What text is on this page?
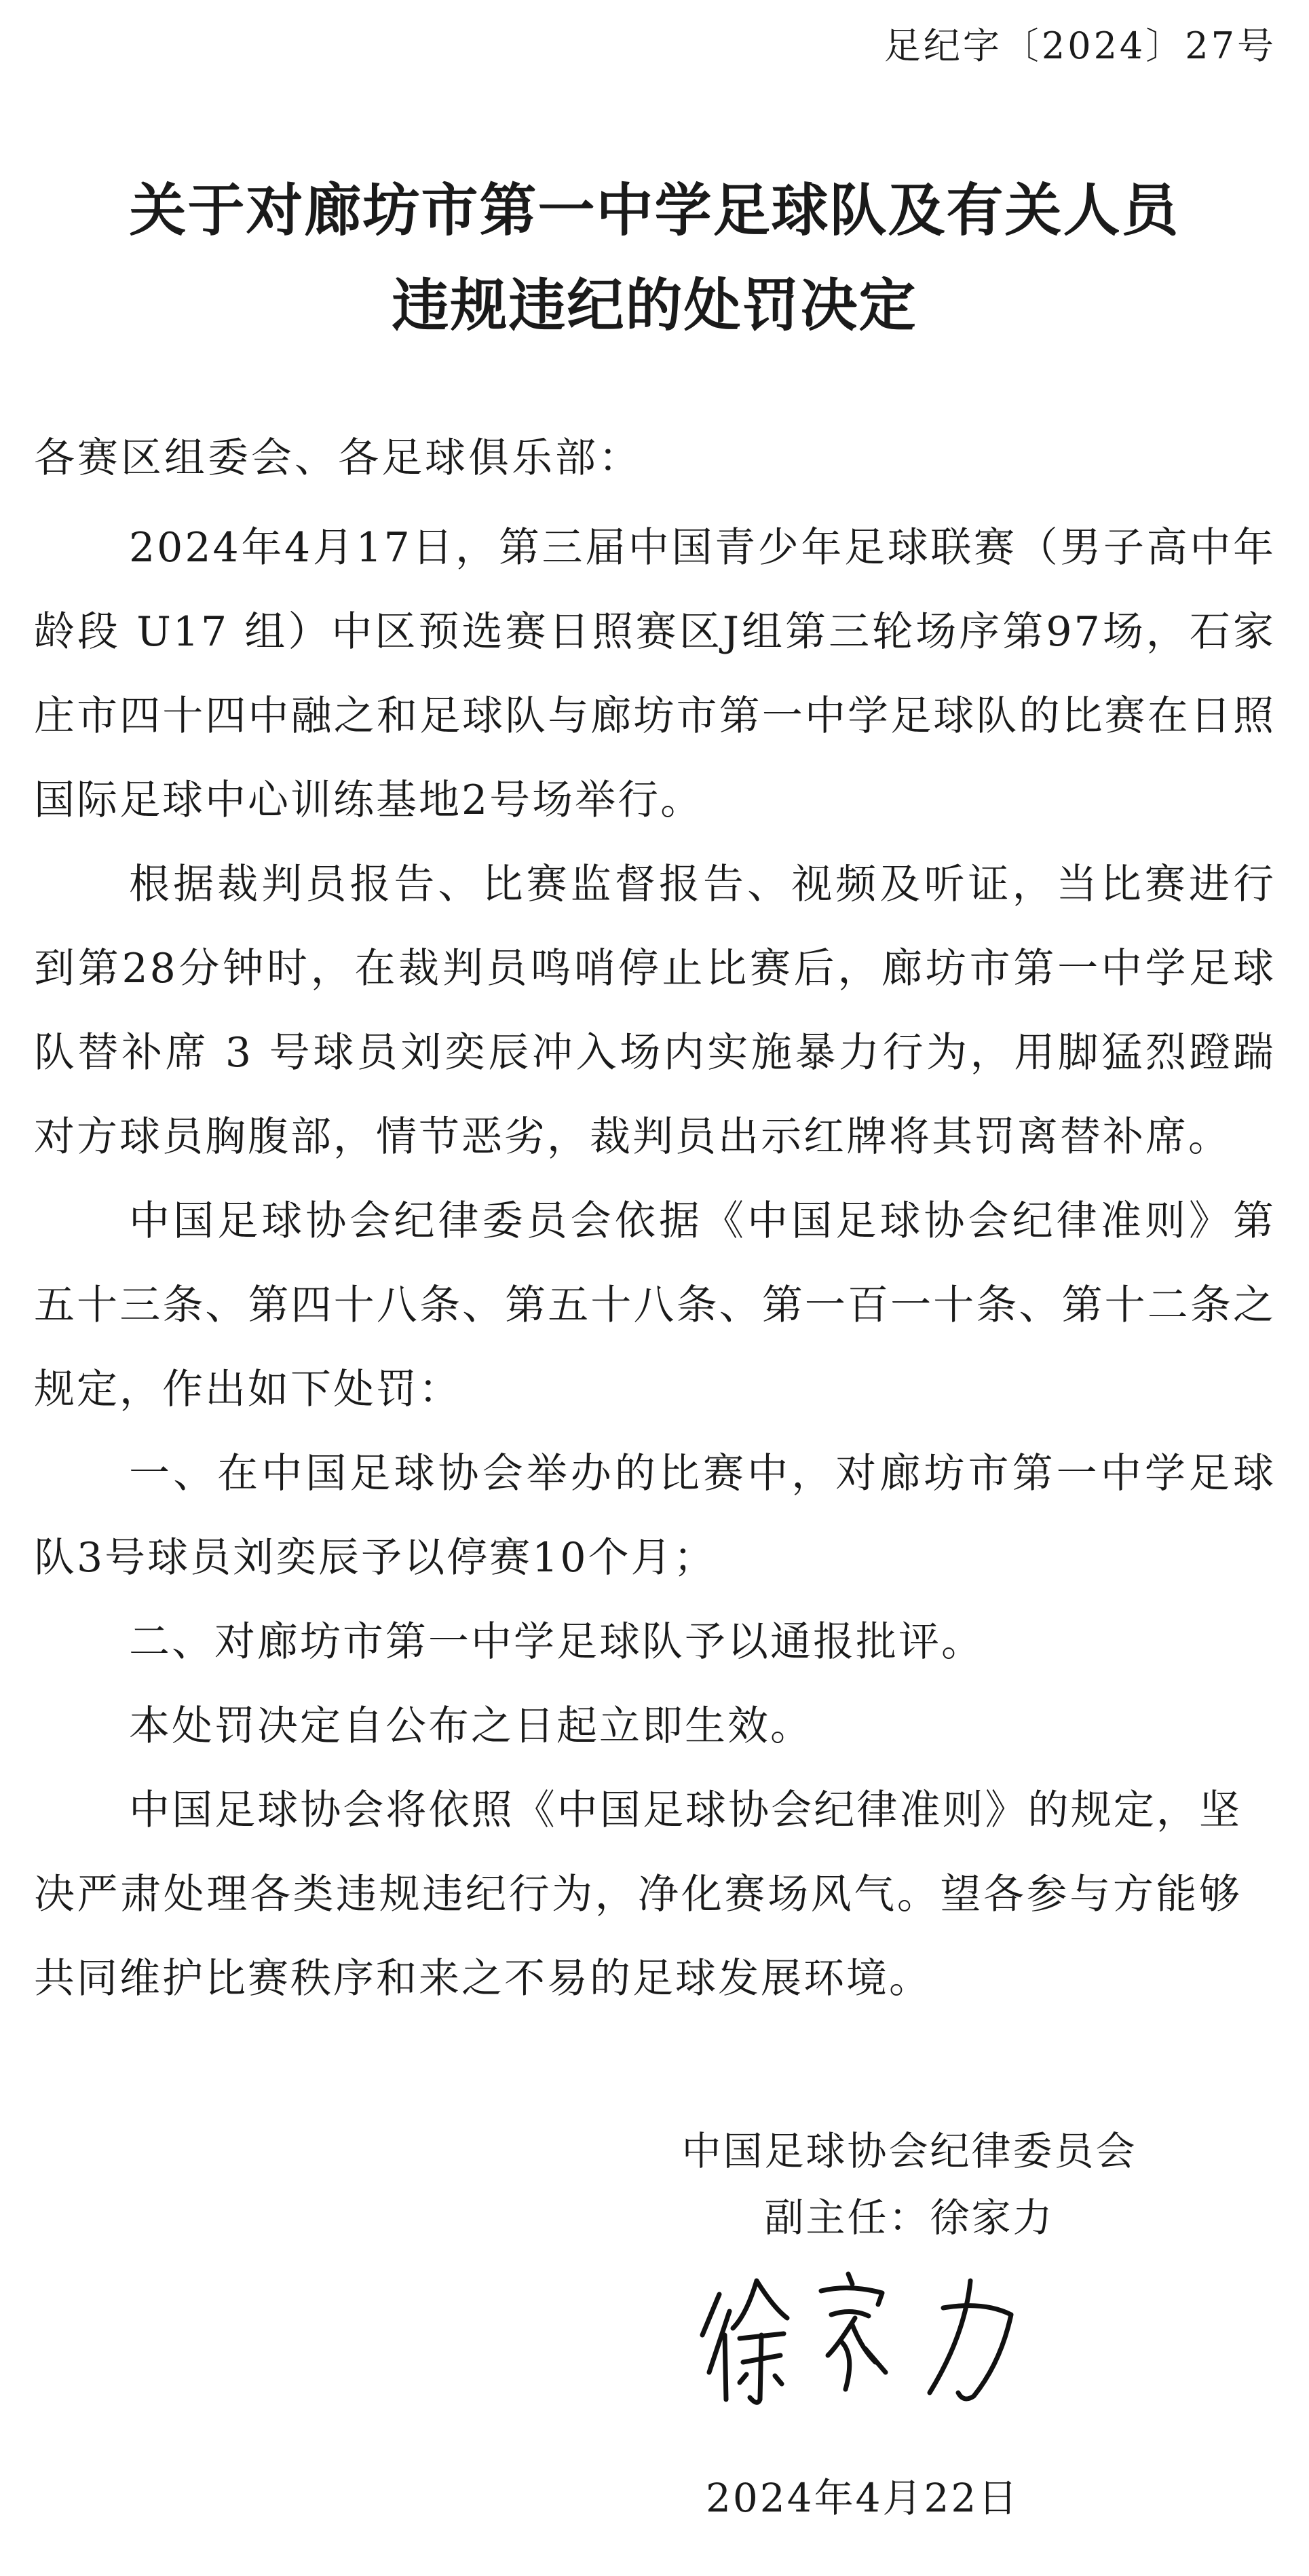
足纪字〔2024〕27号
关于对廊坊市第一中学足球队及有关人员
违规违纪的处罚决定
各赛区组委会、各足球俱乐部：

2024年4月17日，第三届中国青少年足球联赛（男子高中年龄段 U17 组）中区预选赛日照赛区J组第三轮场序第97场，石家庄市四十四中融之和足球队与廊坊市第一中学足球队的比赛在日照国际足球中心训练基地2号场举行。

根据裁判员报告、比赛监督报告、视频及听证，当比赛进行到第28分钟时，在裁判员鸣哨停止比赛后，廊坊市第一中学足球队替补席 3 号球员刘奕辰冲入场内实施暴力行为，用脚猛烈蹬踹对方球员胸腹部，情节恶劣，裁判员出示红牌将其罚离替补席。

中国足球协会纪律委员会依据《中国足球协会纪律准则》第五十三条、第四十八条、第五十八条、第一百一十条、第十二条之规定，作出如下处罚：

一、在中国足球协会举办的比赛中，对廊坊市第一中学足球队3号球员刘奕辰予以停赛10个月；

二、对廊坊市第一中学足球队予以通报批评。

本处罚决定自公布之日起立即生效。

中国足球协会将依照《中国足球协会纪律准则》的规定，坚决严肃处理各类违规违纪行为，净化赛场风气。望各参与方能够共同维护比赛秩序和来之不易的足球发展环境。

中国足球协会纪律委员会
副主任：徐家力
2024年4月22日
